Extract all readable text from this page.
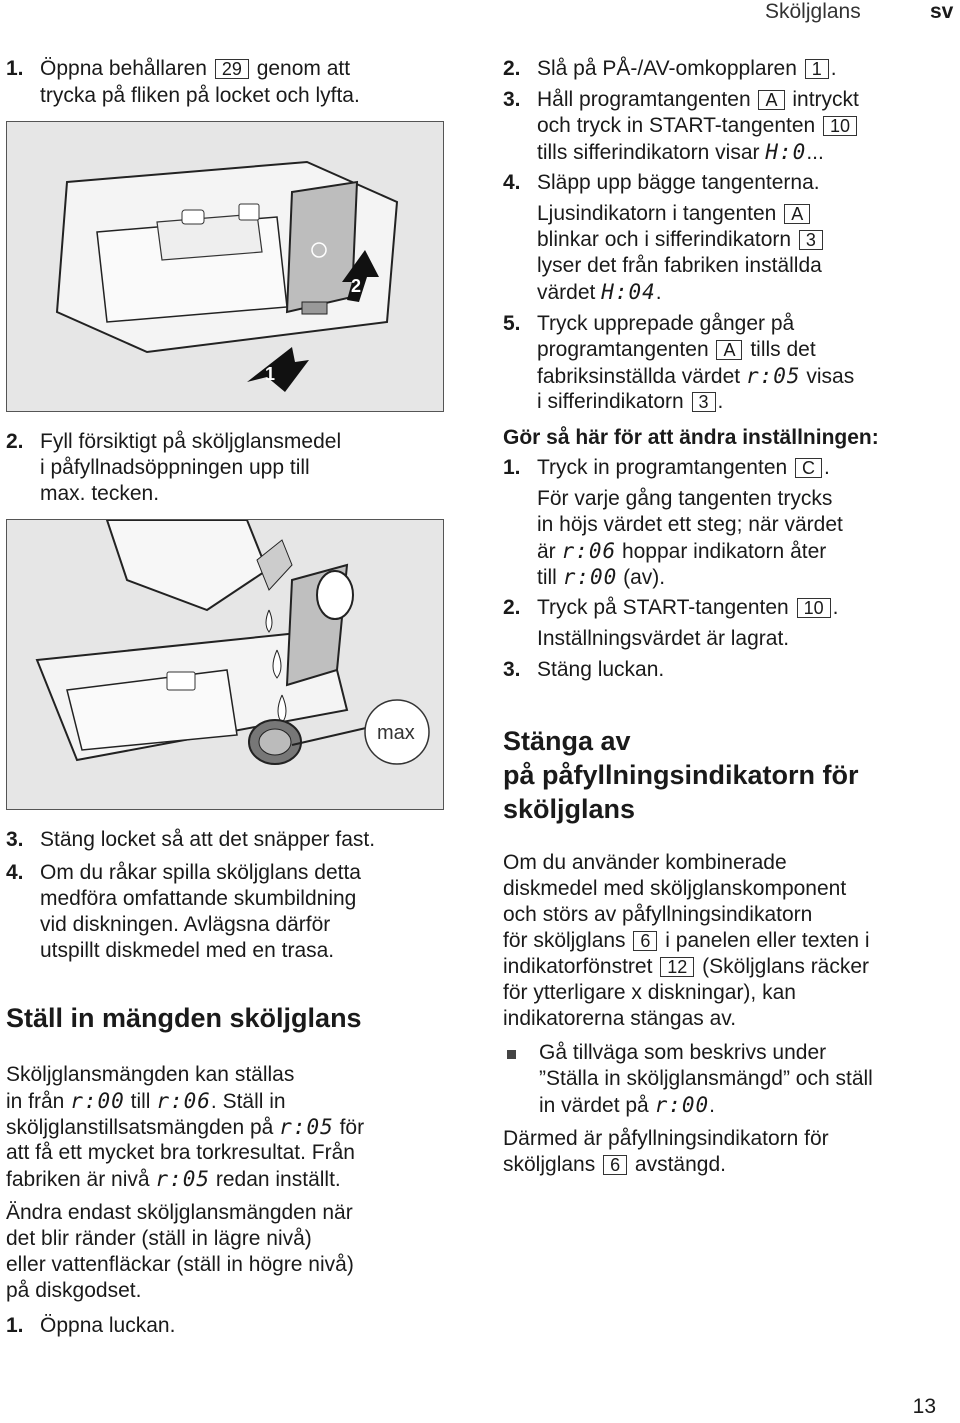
Sköljglans	sv
1. Öppna behållaren 29 genom att
trycka på fliken på locket och lyfta.
1
2
2. Fyll försiktigt på sköljglansmedel
i påfyllnadsöppningen upp till
max. tecken.
max
3. Stäng locket så att det snäpper fast.
4. Om du råkar spilla sköljglans detta
medföra omfattande skumbildning
vid diskningen. Avlägsna därför
utspillt diskmedel med en trasa.
Ställ in mängden sköljglans
Sköljglansmängden kan ställas
in från r:00 till r:06. Ställ in
sköljglanstillsatsmängden på r:05 för
att få ett mycket bra torkresultat. Från
fabriken är nivå r:05 redan inställt.
Ändra endast sköljglansmängden när
det blir ränder (ställ in lägre nivå)
eller vattenfläckar (ställ in högre nivå)
på diskgodset.
1. Öppna luckan.
2. Slå på PÅ-/AV-omkopplaren 1 .
3. Håll programtangenten A intryckt
och tryck in START-tangenten 10
tills sifferindikatorn visar H:0...
4. Släpp upp bägge tangenterna.
Ljusindikatorn i tangenten A
blinkar och i sifferindikatorn 3
lyser det från fabriken inställda
värdet H:04.
5. Tryck upprepade gånger på
programtangenten A tills det
fabriksinställda värdet r:05 visas
i sifferindikatorn 3 .
Gör så här för att ändra inställningen:
1. Tryck in programtangenten C .
För varje gång tangenten trycks
in höjs värdet ett steg; när värdet
är r:06 hoppar indikatorn åter
till r:00 (av).
2. Tryck på START-tangenten 10 .
Inställningsvärdet är lagrat.
3. Stäng luckan.
Stänga av
på påfyllningsindikatorn för
sköljglans
Om du använder kombinerade
diskmedel med sköljglanskomponent
och störs av påfyllningsindikatorn
för sköljglans 6 i panelen eller texten i
indikatorfönstret 12 (Sköljglans räcker
för ytterligare x diskningar), kan
indikatorerna stängas av.
Gå tillväga som beskrivs under
”Ställa in sköljglansmängd” och ställ
in värdet på r:00.
Därmed är påfyllningsindikatorn för
sköljglans 6 avstängd.
13
